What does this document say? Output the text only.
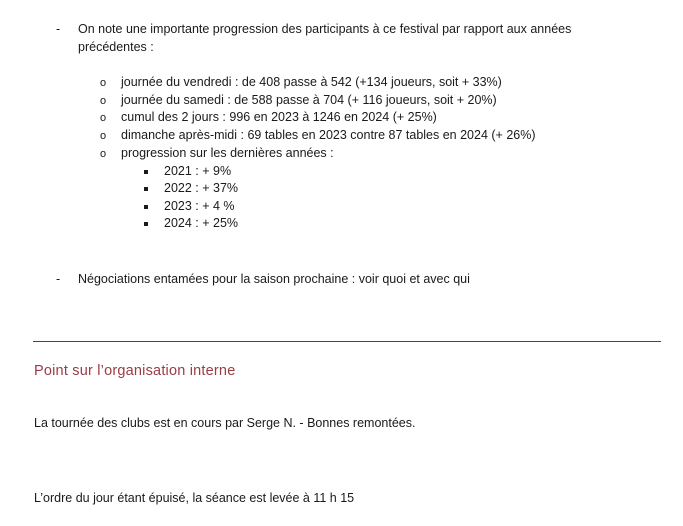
- On note une importante progression des participants à ce festival par rapport aux années
précédentes :
o journée du vendredi : de 408 passe à 542 (+134 joueurs, soit + 33%)
o journée du samedi : de 588 passe à 704 (+ 116 joueurs, soit + 20%)
o cumul des 2 jours : 996 en 2023 à 1246 en 2024 (+ 25%)
o dimanche après-midi : 69 tables en 2023 contre 87 tables en 2024 (+ 26%)
o progression sur les dernières années :
2021 : + 9%
2022 : + 37%
2023 : + 4 %
2024 : + 25%
- Négociations entamées pour la saison prochaine : voir quoi et avec qui
Point sur l’organisation interne
La tournée des clubs est en cours par Serge N. - Bonnes remontées.
L’ordre du jour étant épuisé, la séance est levée à 11 h 15
